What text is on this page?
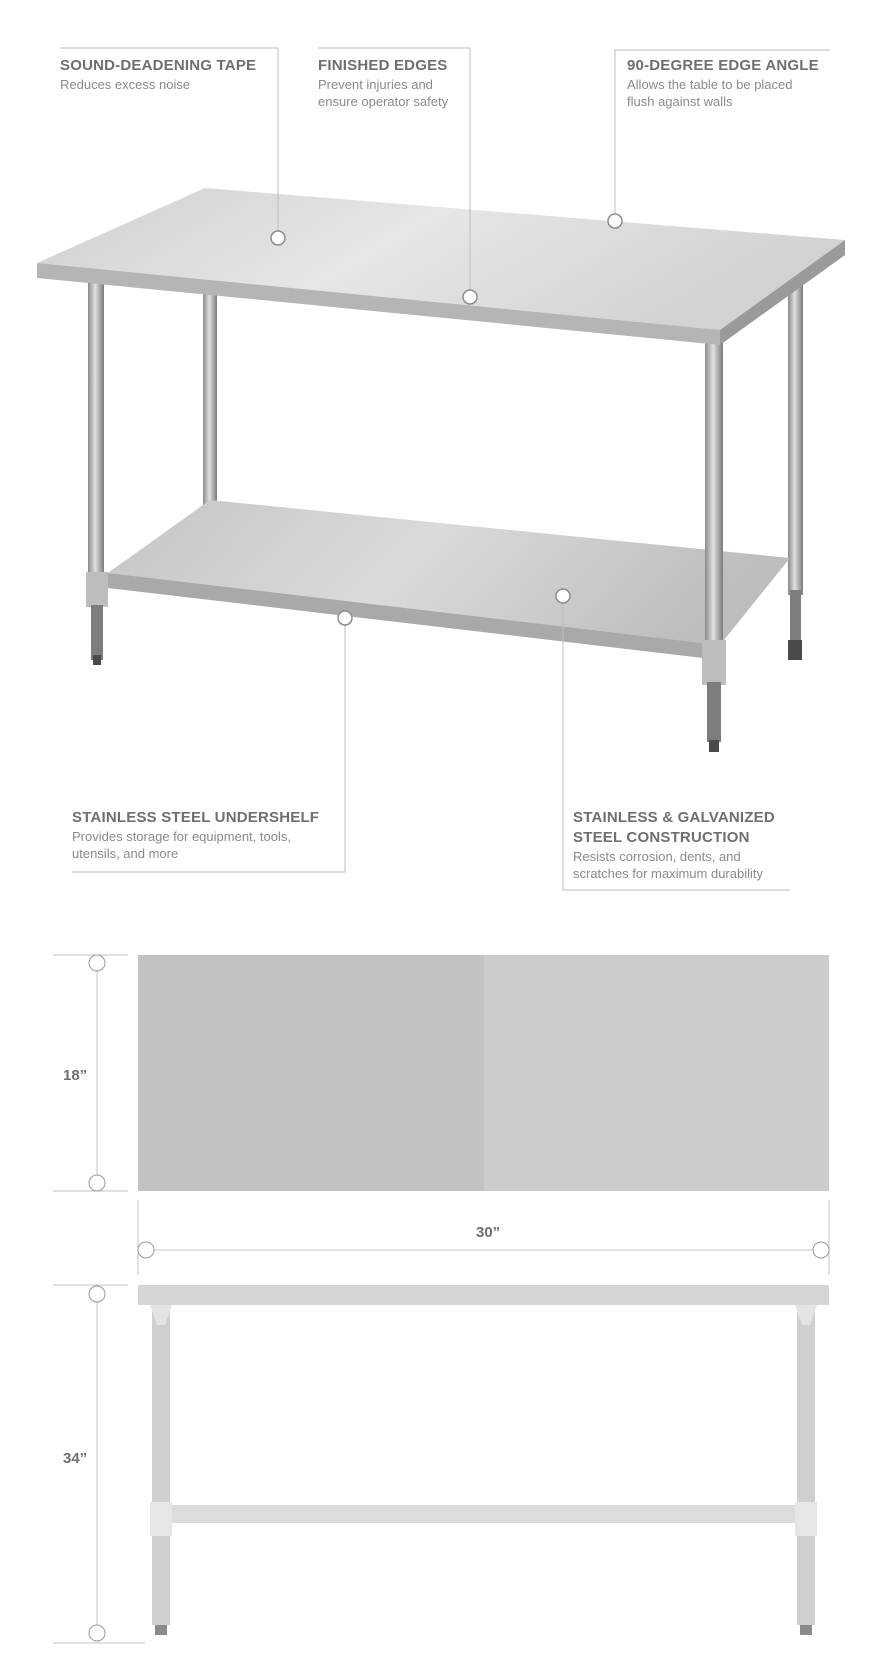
SOUND-DEADENING TAPE
Reduces excess noise
FINISHED EDGES
Prevent injuries and
ensure operator safety
90-DEGREE EDGE ANGLE
Allows the table to be placed
flush against walls
STAINLESS STEEL UNDERSHELF
Provides storage for equipment, tools,
utensils, and more
STAINLESS & GALVANIZED
STEEL CONSTRUCTION
Resists corrosion, dents, and
scratches for maximum durability
18”
30”
34”
